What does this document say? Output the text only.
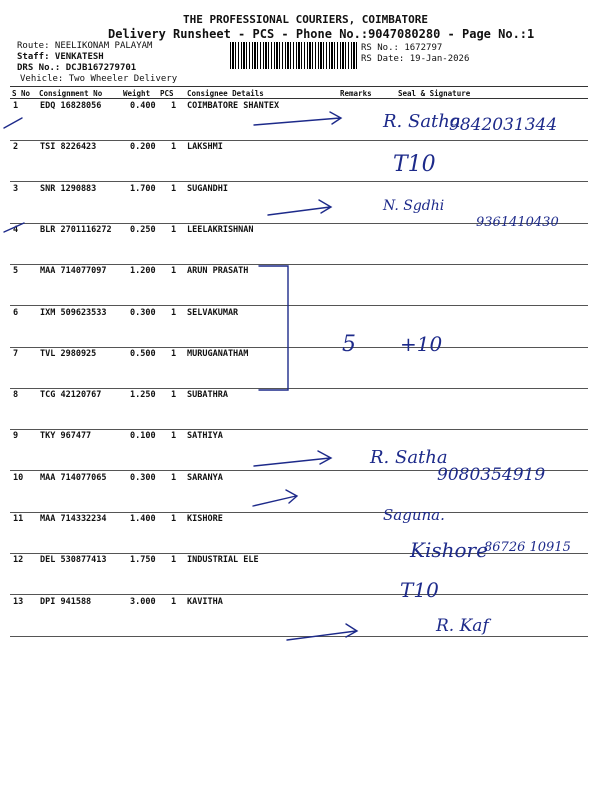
THE PROFESSIONAL COURIERS, COIMBATORE
Delivery Runsheet - PCS - Phone No.:9047080280 - Page No.:1
Route: NEELIKONAM PALAYAM
Staff: VENKATESH
DRS No.: DCJB167279701
Vehicle: Two Wheeler Delivery
RS No.: 1672797
RS Date: 19-Jan-2026
S No Consignment No	Weight PCS Consignee Details	Remarks	Seal & Signature
1	EDQ 16828056	0.400 1 COIMBATORE SHANTEX
2	TSI 8226423	0.200 1 LAKSHMI
3	SNR 1290883	1.700 1 SUGANDHI
4	BLR 2701116272 0.250 1 LEELAKRISHNAN
5	MAA 714077097	1.200 1 ARUN PRASATH
6	IXM 509623533	0.300 1 SELVAKUMAR
7	TVL 2980925	0.500 1 MURUGANATHAM
8	TCG 42120767	1.250 1 SUBATHRA
9	TKY 967477	0.100 1 SATHIYA
10 MAA 714077065	0.300 1 SARANYA
11 MAA 714332234	1.400 1 KISHORE
12 DEL 530877413	1.750 1 INDUSTRIAL ELE
13 DPI 941588	3.000 1 KAVITHA
R. Satha
9842031344
T10
N. Sgdhi
9361410430
5 +10
R. Satha
9080354919
Saguna.
Kishore
86726 10915
T10
R. Kaf
